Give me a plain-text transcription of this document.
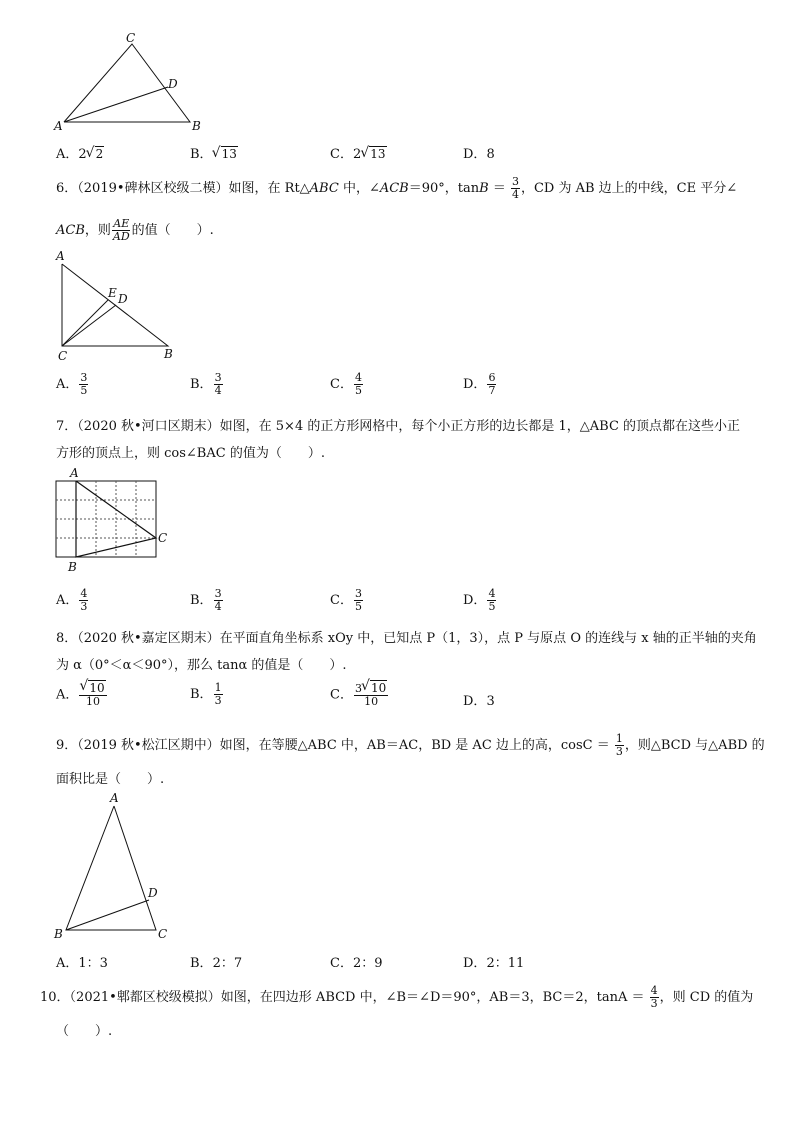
C
D
A	B
A．2 √ 2	B． √ 13	C．2 √ 13	D．8
6．（2019•碑林区校级二模）如图，在 Rt△ABC 中，∠ACB＝90°，$\tan B = \frac{3}{4}$ ，CD 为 AB 边上的中线，CE 平分∠
ACB，则 $\frac{AE}{AD}$ 的值（　　）.
A
E D
C	B
A． $\frac{3}{5}$	B． $\frac{3}{4}$	C． $\frac{4}{5}$	D． $\frac{6}{7}$
7．（2020 秋•河口区期末）如图，在 5×4 的正方形网格中，每个小正方形的边长都是 1，△ABC 的顶点都在这些小正
方形的顶点上，则 cos∠BAC 的值为（　　）.
A
C
B
A． $\frac{4}{3}$	B． $\frac{3}{4}$	C． $\frac{3}{5}$	D． $\frac{4}{5}$
8．（2020 秋•嘉定区期末）在平面直角坐标系 xOy 中，已知点 P（1，3），点 P 与原点 O 的连线与 x 轴的正半轴的夹角
为 α（0°＜α＜90°），那么 tanα 的值是（　　）.
A． √ $\frac{10}{10}$	B． $\frac{1}{3}$	C． $\frac{3 √ 10}{10}$	D．3
9．（2019 秋•松江区期中）如图，在等腰△ABC 中，AB＝AC，BD 是 AC 边上的高，$\cos C = \frac{1}{3}$ ，则△BCD 与△ABD 的
面积比是（　　）.
A
D
B	C
A．1：3	B．2：7	C．2：9	D．2：11
10．（2021•郫都区校级模拟）如图，在四边形 ABCD 中，∠B＝∠D＝90°，AB＝3，BC＝2，$\tan A = \frac{4}{3}$ ，则 CD 的值为
（　　）.
